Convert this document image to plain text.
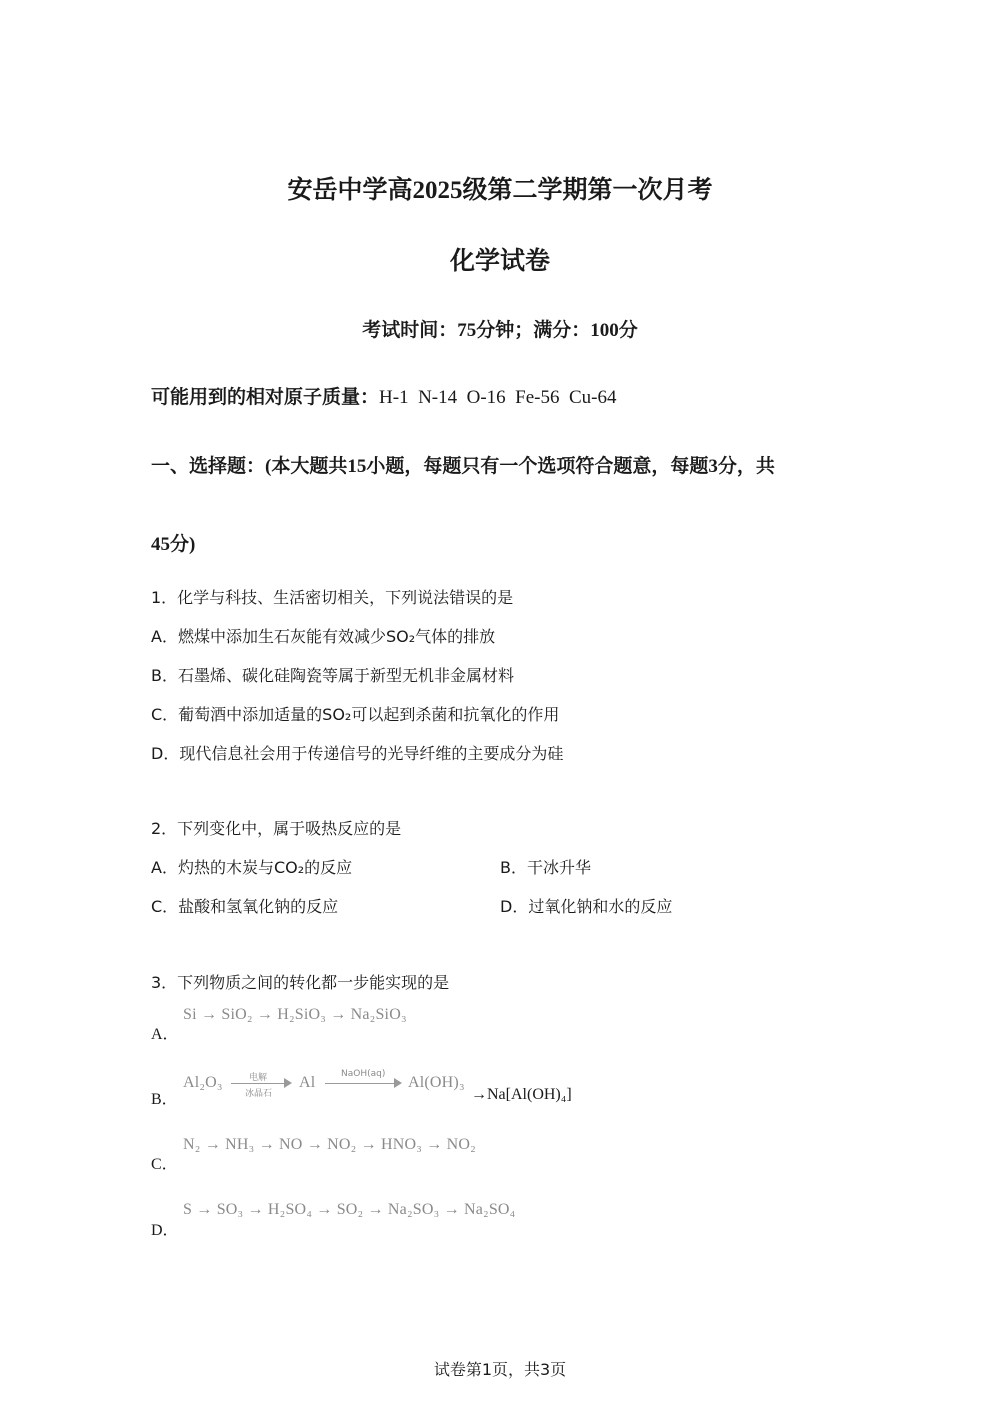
安岳中学高2025级第二学期第一次月考
化学试卷
考试时间：75分钟；满分：100分
可能用到的相对原子质量：H-1  N-14  O-16  Fe-56  Cu-64
一、选择题：(本大题共15小题，每题只有一个选项符合题意，每题3分，共
45分)
1．化学与科技、生活密切相关，下列说法错误的是
A．燃煤中添加生石灰能有效减少SO₂气体的排放
B．石墨烯、碳化硅陶瓷等属于新型无机非金属材料
C．葡萄酒中添加适量的SO₂可以起到杀菌和抗氧化的作用
D．现代信息社会用于传递信号的光导纤维的主要成分为硅
2．下列变化中，属于吸热反应的是
A．灼热的木炭与CO₂的反应	B．干冰升华
C．盐酸和氢氧化钠的反应	D．过氧化钠和水的反应
3．下列物质之间的转化都一步能实现的是
A．
Si → SiO₂ → H₂SiO₃ → Na₂SiO₃
B．
Al₂O₃	电解
冰晶石
Al	NaOH(aq) Al(OH)₃
→Na[Al(OH)₄]
C．
N₂ → NH₃ → NO → NO₂ → HNO₃ → NO₂
D．
S → SO₃ → H₂SO₄ → SO₂ → Na₂SO₃ → Na₂SO₄
试卷第1页，共3页
